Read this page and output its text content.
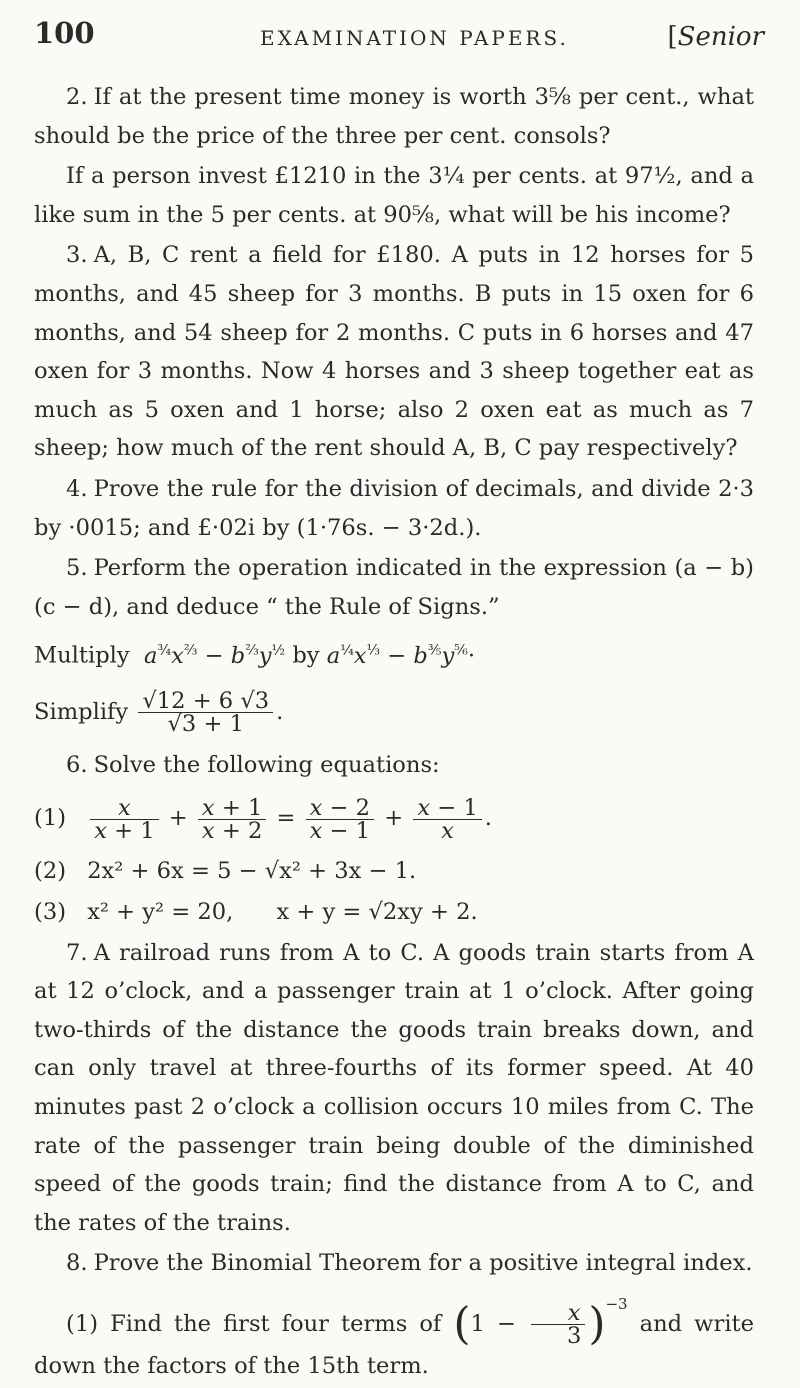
100	EXAMINATION PAPERS.	[Senior

2. If at the present time money is worth 3⅝ per cent., what should be the price of the three per cent. consols?

If a person invest £1210 in the 3¼ per cents. at 97½, and a like sum in the 5 per cents. at 90⅝, what will be his income?

3. A, B, C rent a field for £180. A puts in 12 horses for 5 months, and 45 sheep for 3 months. B puts in 15 oxen for 6 months, and 54 sheep for 2 months. C puts in 6 horses and 47 oxen for 3 months. Now 4 horses and 3 sheep together eat as much as 5 oxen and 1 horse; also 2 oxen eat as much as 7 sheep; how much of the rent should A, B, C pay respectively?

4. Prove the rule for the division of decimals, and divide 2·3 by ·0015; and £·02i by (1·76s. − 3·2d.).

5. Perform the operation indicated in the expression (a − b) (c − d), and deduce “ the Rule of Signs.”

Multiply $a^{\frac{3}{4}}x^{\frac{2}{3}} - b^{\frac{2}{3}}y^{\frac{1}{2}}$ by $a^{\frac{1}{4}}x^{\frac{1}{3}} - b^{\frac{3}{5}}y^{\frac{5}{6}}\cdot$

Simplify $\frac{√12 + 6 √3}{√3 + 1}$ .

6. Solve the following equations:

$(1) \frac{x}{x + 1} + \frac{x + 1}{x + 2} = \frac{x - 2}{x - 1} + \frac{x - 1}{x}$ .

(2) 2x² + 6x = 5 − √x² + 3x − 1.

(3) x² + y² = 20, x + y = √2xy + 2.

7. A railroad runs from A to C. A goods train starts from A at 12 o’clock, and a passenger train at 1 o’clock. After going two-thirds of the distance the goods train breaks down, and can only travel at three-fourths of its former speed. At 40 minutes past 2 o’clock a collision occurs 10 miles from C. The rate of the passenger train being double of the diminished speed of the goods train; find the distance from A to C, and the rates of the trains.

8. Prove the Binomial Theorem for a positive integral index.

(1) Find the first four terms of $(1 - \frac{x}{3} )^{-3}$ and write down the factors of the 15th term.
